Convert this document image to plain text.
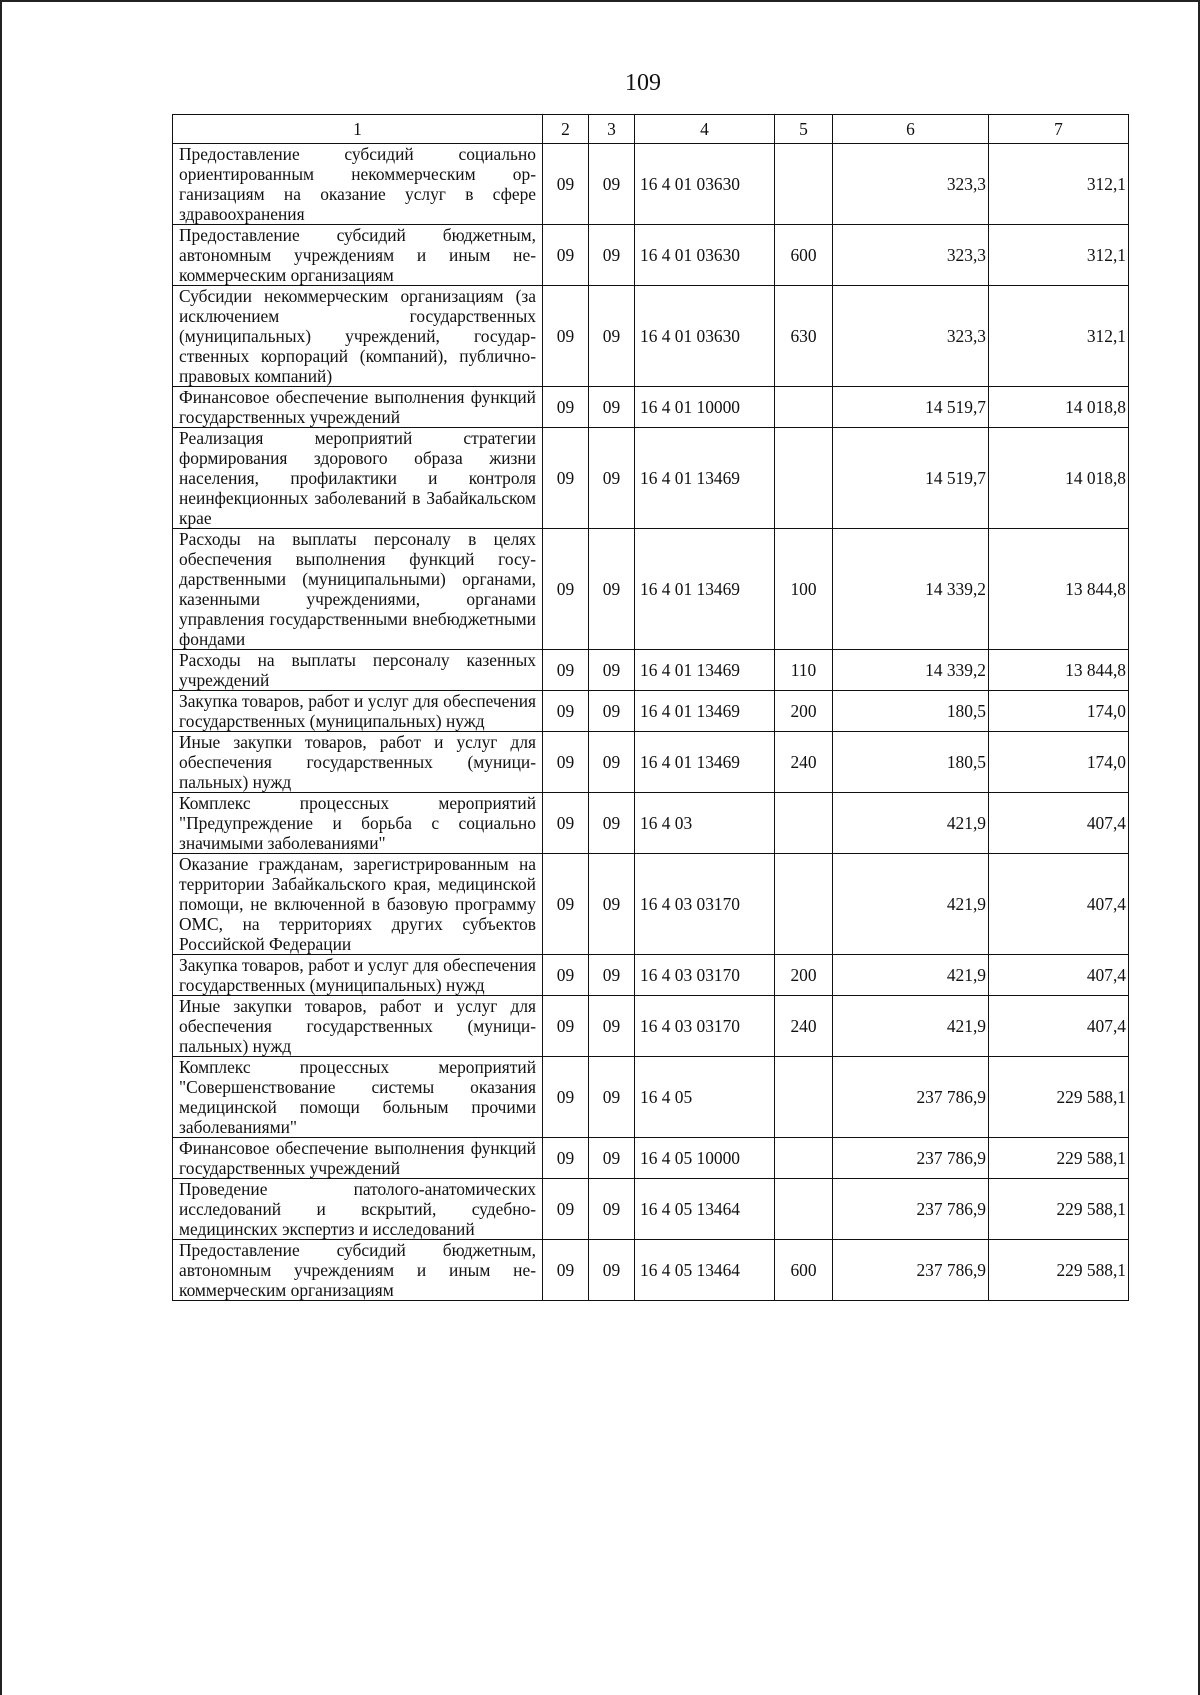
109
1	2	3	4	5	6	7
Предоставление субсидий социально ориентированным некоммерческим организациям на оказание услуг в сфере здравоохранения	09	09	16 4 01 03630		323,3	312,1
Предоставление субсидий бюджетным, автономным учреждениям и иным некоммерческим организациям	09	09	16 4 01 03630	600	323,3	312,1
Субсидии некоммерческим организациям (за исключением государственных (муниципальных) учреждений, государственных корпораций (компаний), публично-правовых компаний)	09	09	16 4 01 03630	630	323,3	312,1
Финансовое обеспечение выполнения функций государственных учреждений	09	09	16 4 01 10000		14 519,7	14 018,8
Реализация мероприятий стратегии формирования здорового образа жизни населения, профилактики и контроля неинфекционных заболеваний в Забайкальском крае	09	09	16 4 01 13469		14 519,7	14 018,8
Расходы на выплаты персоналу в целях обеспечения выполнения функций государственными (муниципальными) органами, казенными учреждениями, органами управления государственными внебюджетными фондами	09	09	16 4 01 13469	100	14 339,2	13 844,8
Расходы на выплаты персоналу казенных учреждений	09	09	16 4 01 13469	110	14 339,2	13 844,8
Закупка товаров, работ и услуг для обеспечения государственных (муниципальных) нужд	09	09	16 4 01 13469	200	180,5	174,0
Иные закупки товаров, работ и услуг для обеспечения государственных (муниципальных) нужд	09	09	16 4 01 13469	240	180,5	174,0
Комплекс процессных мероприятий "Предупреждение и борьба с социально значимыми заболеваниями"	09	09	16 4 03		421,9	407,4
Оказание гражданам, зарегистрированным на территории Забайкальского края, медицинской помощи, не включенной в базовую программу ОМС, на территориях других субъектов Российской Федерации	09	09	16 4 03 03170		421,9	407,4
Закупка товаров, работ и услуг для обеспечения государственных (муниципальных) нужд	09	09	16 4 03 03170	200	421,9	407,4
Иные закупки товаров, работ и услуг для обеспечения государственных (муниципальных) нужд	09	09	16 4 03 03170	240	421,9	407,4
Комплекс процессных мероприятий "Совершенствование системы оказания медицинской помощи больным прочими заболеваниями"	09	09	16 4 05		237 786,9	229 588,1
Финансовое обеспечение выполнения функций государственных учреждений	09	09	16 4 05 10000		237 786,9	229 588,1
Проведение патолого-анатомических исследований и вскрытий, судебно-медицинских экспертиз и исследований	09	09	16 4 05 13464		237 786,9	229 588,1
Предоставление субсидий бюджетным, автономным учреждениям и иным некоммерческим организациям	09	09	16 4 05 13464	600	237 786,9	229 588,1
